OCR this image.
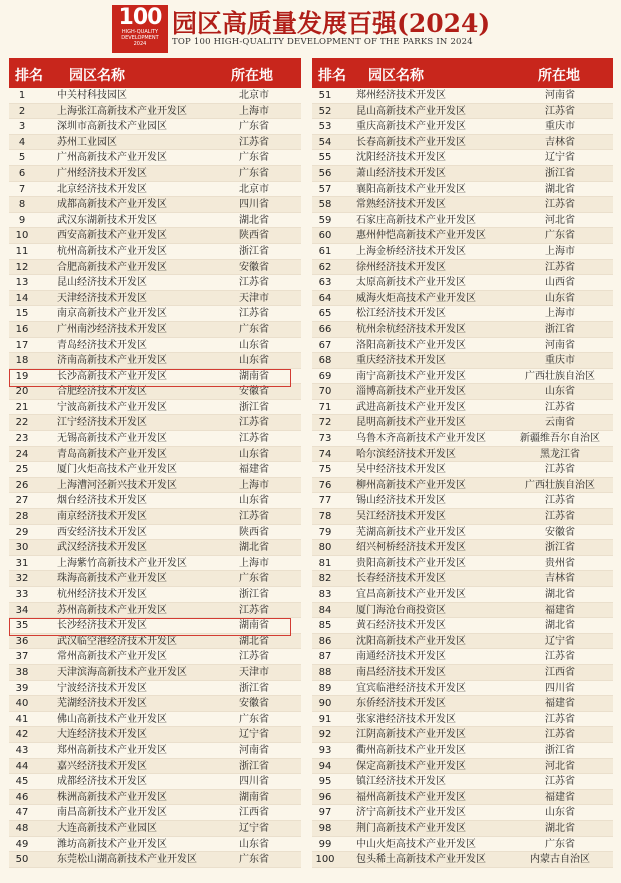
100
HIGH-QUALITY
DEVELOPMENT
2024
园区高质量发展百强(2024)
TOP 100 HIGH-QUALITY DEVELOPMENT OF THE PARKS IN 2024
排名 园区名称	所在地
1	中关村科技园区	北京市
2	上海张江高新技术产业开发区	上海市
3	深圳市高新技术产业园区	广东省
4	苏州工业园区	江苏省
5	广州高新技术产业开发区	广东省
6	广州经济技术开发区	广东省
7	北京经济技术开发区	北京市
8	成都高新技术产业开发区	四川省
9	武汉东湖新技术开发区	湖北省
10	西安高新技术产业开发区	陕西省
11	杭州高新技术产业开发区	浙江省
12	合肥高新技术产业开发区	安徽省
13	昆山经济技术开发区	江苏省
14	天津经济技术开发区	天津市
15	南京高新技术产业开发区	江苏省
16	广州南沙经济技术开发区	广东省
17	青岛经济技术开发区	山东省
18	济南高新技术产业开发区	山东省
19	长沙高新技术产业开发区	湖南省
20	合肥经济技术开发区	安徽省
21	宁波高新技术产业开发区	浙江省
22	江宁经济技术开发区	江苏省
23	无锡高新技术产业开发区	江苏省
24	青岛高新技术产业开发区	山东省
25	厦门火炬高技术产业开发区	福建省
26	上海漕河泾新兴技术开发区	上海市
27	烟台经济技术开发区	山东省
28	南京经济技术开发区	江苏省
29	西安经济技术开发区	陕西省
30	武汉经济技术开发区	湖北省
31	上海紫竹高新技术产业开发区	上海市
32	珠海高新技术产业开发区	广东省
33	杭州经济技术开发区	浙江省
34	苏州高新技术产业开发区	江苏省
35	长沙经济技术开发区	湖南省
36	武汉临空港经济技术开发区	湖北省
37	常州高新技术产业开发区	江苏省
38	天津滨海高新技术产业开发区	天津市
39	宁波经济技术开发区	浙江省
40	芜湖经济技术开发区	安徽省
41	佛山高新技术产业开发区	广东省
42	大连经济技术开发区	辽宁省
43	郑州高新技术产业开发区	河南省
44	嘉兴经济技术开发区	浙江省
45	成都经济技术开发区	四川省
46	株洲高新技术产业开发区	湖南省
47	南昌高新技术产业开发区	江西省
48	大连高新技术产业园区	辽宁省
49	潍坊高新技术产业开发区	山东省
50	东莞松山湖高新技术产业开发区	广东省
排名 园区名称	所在地
51	郑州经济技术开发区	河南省
52	昆山高新技术产业开发区	江苏省
53	重庆高新技术产业开发区	重庆市
54	长春高新技术产业开发区	吉林省
55	沈阳经济技术开发区	辽宁省
56	萧山经济技术开发区	浙江省
57	襄阳高新技术产业开发区	湖北省
58	常熟经济技术开发区	江苏省
59	石家庄高新技术产业开发区	河北省
60	惠州仲恺高新技术产业开发区	广东省
61	上海金桥经济技术开发区	上海市
62	徐州经济技术开发区	江苏省
63	太原高新技术产业开发区	山西省
64	威海火炬高技术产业开发区	山东省
65	松江经济技术开发区	上海市
66	杭州余杭经济技术开发区	浙江省
67	洛阳高新技术产业开发区	河南省
68	重庆经济技术开发区	重庆市
69	南宁高新技术产业开发区	广西壮族自治区
70	淄博高新技术产业开发区	山东省
71	武进高新技术产业开发区	江苏省
72	昆明高新技术产业开发区	云南省
73	乌鲁木齐高新技术产业开发区	新疆维吾尔自治区
74	哈尔滨经济技术开发区	黑龙江省
75	吴中经济技术开发区	江苏省
76	柳州高新技术产业开发区	广西壮族自治区
77	锡山经济技术开发区	江苏省
78	吴江经济技术开发区	江苏省
79	芜湖高新技术产业开发区	安徽省
80	绍兴柯桥经济技术开发区	浙江省
81	贵阳高新技术产业开发区	贵州省
82	长春经济技术开发区	吉林省
83	宜昌高新技术产业开发区	湖北省
84	厦门海沧台商投资区	福建省
85	黄石经济技术开发区	湖北省
86	沈阳高新技术产业开发区	辽宁省
87	南通经济技术开发区	江苏省
88	南昌经济技术开发区	江西省
89	宜宾临港经济技术开发区	四川省
90	东侨经济技术开发区	福建省
91	张家港经济技术开发区	江苏省
92	江阴高新技术产业开发区	江苏省
93	衢州高新技术产业开发区	浙江省
94	保定高新技术产业开发区	河北省
95	镇江经济技术开发区	江苏省
96	福州高新技术产业开发区	福建省
97	济宁高新技术产业开发区	山东省
98	荆门高新技术产业开发区	湖北省
99	中山火炬高技术产业开发区	广东省
100	包头稀土高新技术产业开发区	内蒙古自治区
